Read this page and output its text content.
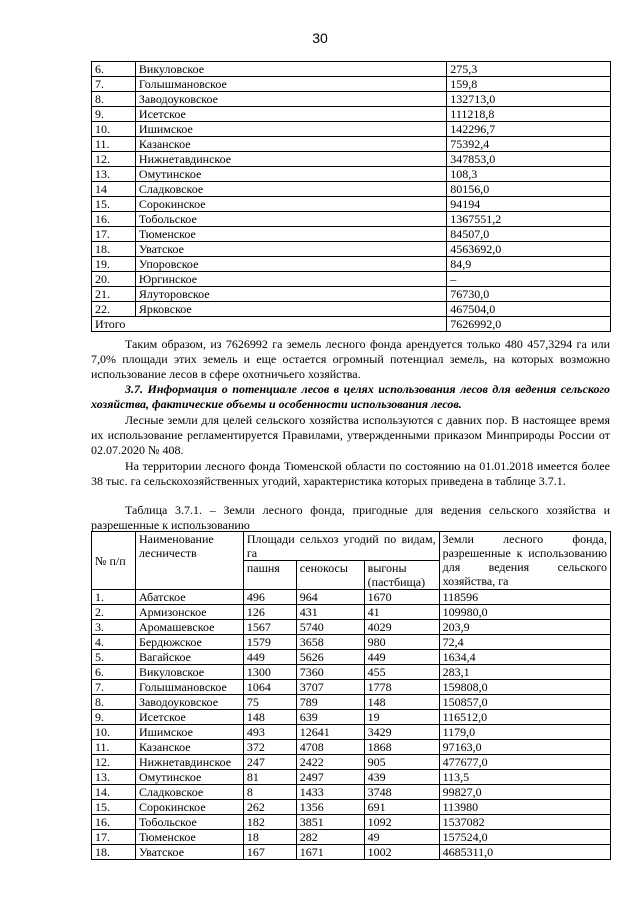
30
6.	Викуловское	275,3
7.	Голышмановское	159,8
8.	Заводоуковское	132713,0
9.	Исетское	111218,8
10.	Ишимское	142296,7
11.	Казанское	75392,4
12.	Нижнетавдинское	347853,0
13.	Омутинское	108,3
14	Сладковское	80156,0
15.	Сорокинское	94194
16.	Тобольское	1367551,2
17.	Тюменское	84507,0
18.	Уватское	4563692,0
19.	Упоровское	84,9
20.	Юргинское	–
21.	Ялуторовское	76730,0
22.	Ярковское	467504,0
Итого		7626992,0
Таким образом, из 7626992 га земель лесного фонда арендуется только 480 457,3294 га или 7,0% площади этих земель и еще остается огромный потенциал земель, на которых возможно использование лесов в сфере охотничьего хозяйства.
3.7. Информация о потенциале лесов в целях использования лесов для ведения сельского хозяйства, фактические объемы и особенности использования лесов.
Лесные земли для целей сельского хозяйства используются с давних пор. В настоящее время их использование регламентируется Правилами, утвержденными приказом Минприроды России от 02.07.2020 № 408.
На территории лесного фонда Тюменской области по состоянию на 01.01.2018 имеется более 38 тыс. га сельскохозяйственных угодий, характеристика которых приведена в таблице 3.7.1.
Таблица 3.7.1. – Земли лесного фонда, пригодные для ведения сельского хозяйства и разрешенные к использованию
№ п/п	Наименование лесничеств	Площади сельхоз угодий по видам, га			Земли лесного фонда, разрешенные к использованию для ведения сельского хозяйства, га
		пашня	сенокосы	выгоны (пастбища)	
1.	Абатское	496	964	1670	118596
2.	Армизонское	126	431	41	109980,0
3.	Аромашевское	1567	5740	4029	203,9
4.	Бердюжское	1579	3658	980	72,4
5.	Вагайское	449	5626	449	1634,4
6.	Викуловское	1300	7360	455	283,1
7.	Голышмановское	1064	3707	1778	159808,0
8.	Заводоуковское	75	789	148	150857,0
9.	Исетское	148	639	19	116512,0
10.	Ишимское	493	12641	3429	1179,0
11.	Казанское	372	4708	1868	97163,0
12.	Нижнетавдинское	247	2422	905	477677,0
13.	Омутинское	81	2497	439	113,5
14.	Сладковское	8	1433	3748	99827,0
15.	Сорокинское	262	1356	691	113980
16.	Тобольское	182	3851	1092	1537082
17.	Тюменское	18	282	49	157524,0
18.	Уватское	167	1671	1002	4685311,0
